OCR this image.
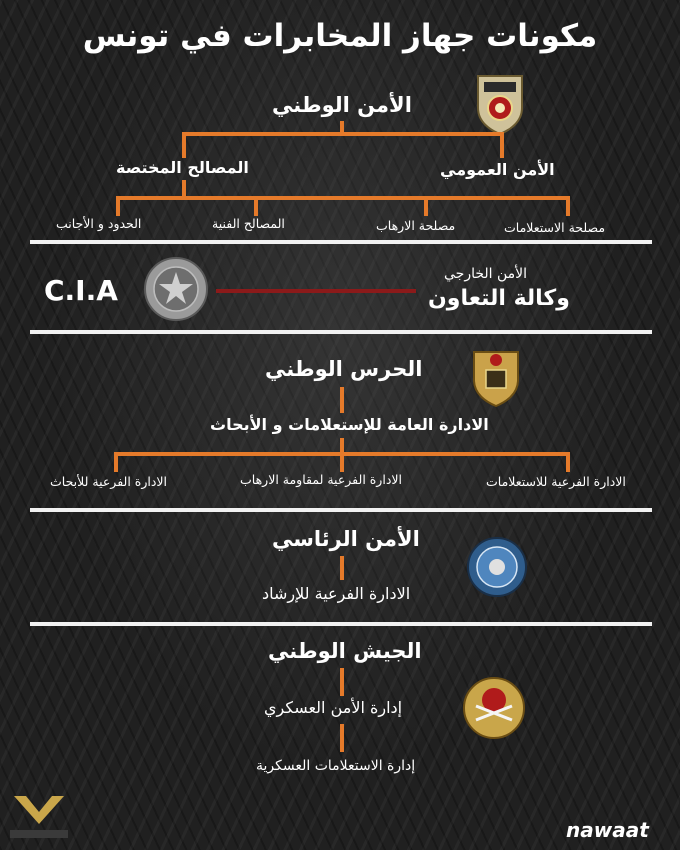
مكونات جهاز المخابرات في تونس
الأمن الوطني
المصالح المختصة	الأمن العمومي
الحدود و الأجانب	المصالح الفنية	مصلحة الارهاب	مصلحة الاستعلامات
C.I.A	الأمن الخارجي
وكالة التعاون
الحرس الوطني
الادارة العامة للإستعلامات و الأبحاث
الادارة الفرعية للأبحاث	الادارة الفرعية لمقاومة الارهاب	الادارة الفرعية للاستعلامات
الأمن الرئاسي
الادارة الفرعية للإرشاد
الجيش الوطني
إدارة الأمن العسكري
إدارة الاستعلامات العسكرية
nawaat
